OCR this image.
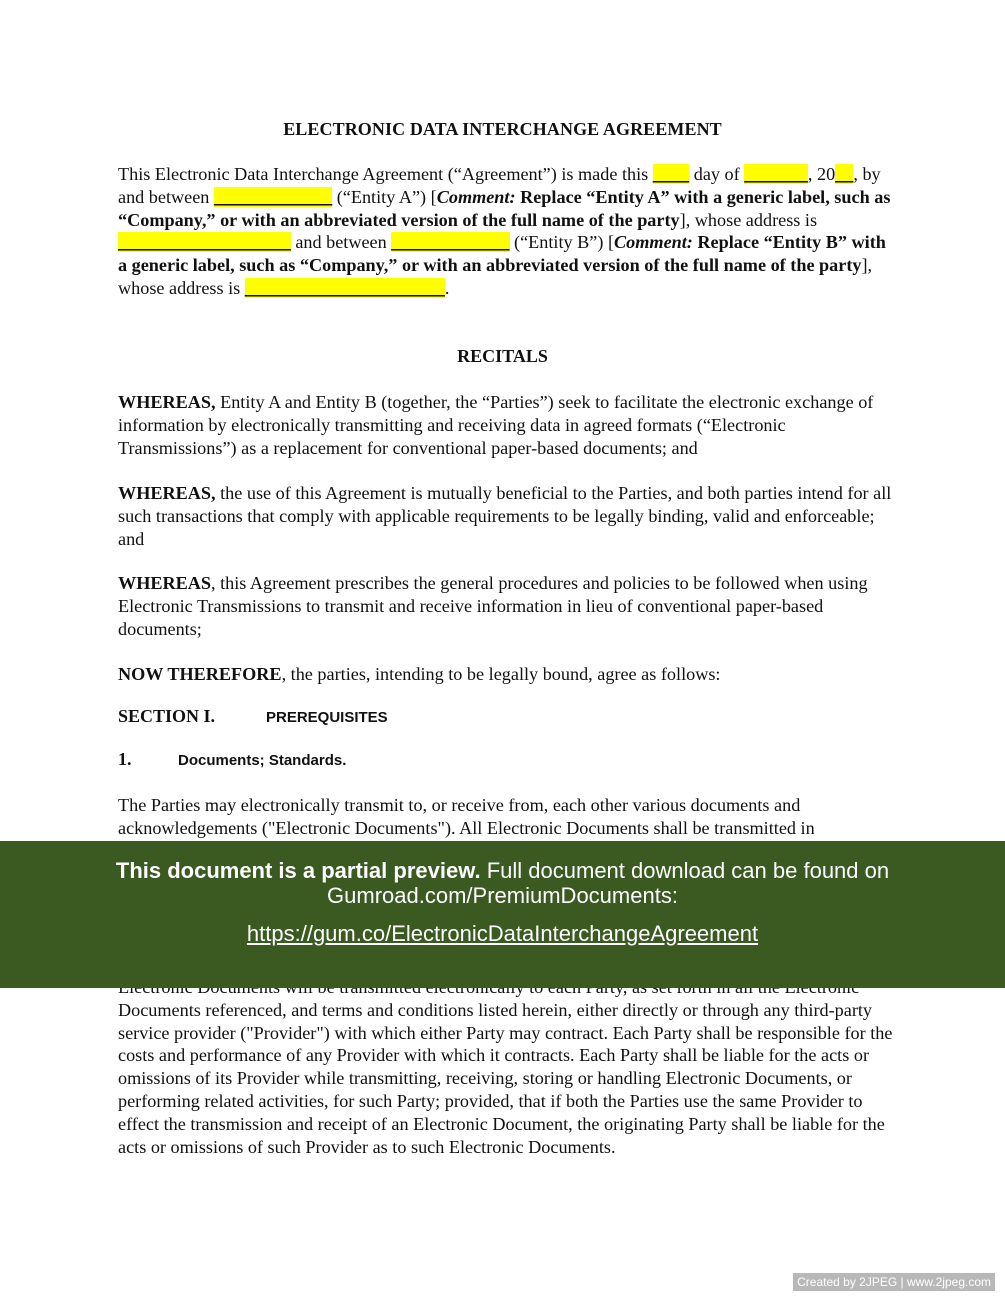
ELECTRONIC DATA INTERCHANGE AGREEMENT
This Electronic Data Interchange Agreement (“Agreement”) is made this ____ day of _______, 20__, by and between _____________ (“Entity A”) [Comment: Replace “Entity A” with a generic label, such as “Company,” or with an abbreviated version of the full name of the party], whose address is ___________________ and between _____________ (“Entity B”) [Comment: Replace “Entity B” with a generic label, such as “Company,” or with an abbreviated version of the full name of the party], whose address is ______________________.
RECITALS
WHEREAS, Entity A and Entity B (together, the “Parties”) seek to facilitate the electronic exchange of information by electronically transmitting and receiving data in agreed formats (“Electronic Transmissions”) as a replacement for conventional paper-based documents; and
WHEREAS, the use of this Agreement is mutually beneficial to the Parties, and both parties intend for all such transactions that comply with applicable requirements to be legally binding, valid and enforceable; and
WHEREAS, this Agreement prescribes the general procedures and policies to be followed when using Electronic Transmissions to transmit and receive information in lieu of conventional paper-based documents;
NOW THEREFORE, the parties, intending to be legally bound, agree as follows:
SECTION I.	PREREQUISITES
1.	Documents; Standards.
The Parties may electronically transmit to, or receive from, each other various documents and acknowledgements ("Electronic Documents"). All Electronic Documents shall be transmitted in
Documents referenced, and terms and conditions listed herein, either directly or through any third-party service provider ("Provider") with which either Party may contract. Each Party shall be responsible for the costs and performance of any Provider with which it contracts. Each Party shall be liable for the acts or omissions of its Provider while transmitting, receiving, storing or handling Electronic Documents, or performing related activities, for such Party; provided, that if both the Parties use the same Provider to effect the transmission and receipt of an Electronic Document, the originating Party shall be liable for the acts or omissions of such Provider as to such Electronic Documents.
This document is a partial preview. Full document download can be found on
Gumroad.com/PremiumDocuments:
https://gum.co/ElectronicDataInterchangeAgreement
Created by 2JPEG | www.2jpeg.com
